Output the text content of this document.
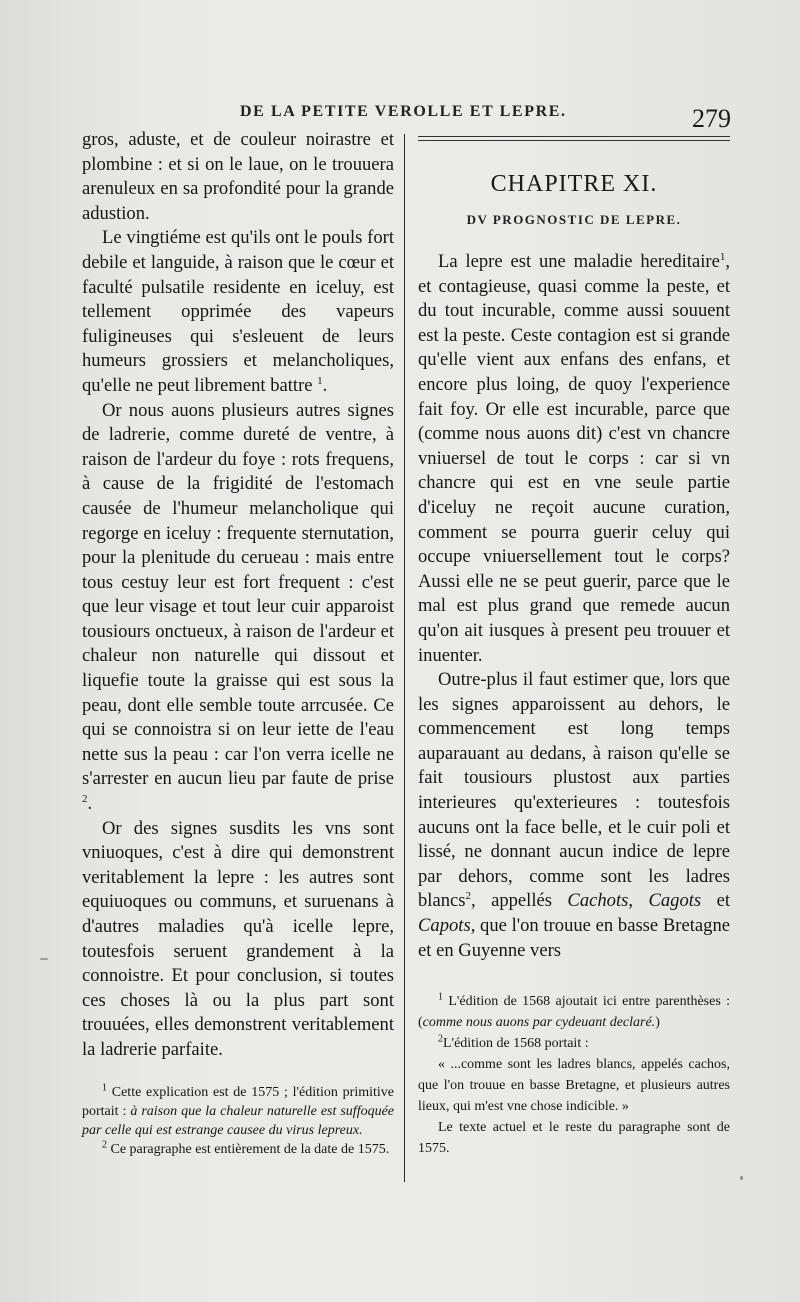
DE LA PETITE VEROLLE ET LEPRE.	279

gros, aduste, et de couleur noirastre et plombine : et si on le laue, on le trouuera arenuleux en sa profondité pour la grande adustion.

Le vingtiéme est qu'ils ont le pouls fort debile et languide, à raison que le cœur et faculté pulsatile residente en iceluy, est tellement opprimée des vapeurs fuligineuses qui s'esleuent de leurs humeurs grossiers et melancholiques, qu'elle ne peut librement battre $^1$.

Or nous auons plusieurs autres signes de ladrerie, comme dureté de ventre, à raison de l'ardeur du foye : rots frequens, à cause de la frigidité de l'estomach causée de l'humeur melancholique qui regorge en iceluy : frequente sternutation, pour la plenitude du cerueau : mais entre tous cestuy leur est fort frequent : c'est que leur visage et tout leur cuir apparoist tousiours onctueux, à raison de l'ardeur et chaleur non naturelle qui dissout et liquefie toute la graisse qui est sous la peau, dont elle semble toute arrcusée. Ce qui se connoistra si on leur iette de l'eau nette sus la peau : car l'on verra icelle ne s'arrester en aucun lieu par faute de prise $^2$.

Or des signes susdits les vns sont vniuoques, c'est à dire qui demonstrent veritablement la lepre : les autres sont equiuoques ou communs, et suruenans à d'autres maladies qu'à icelle lepre, toutesfois seruent grandement à la connoistre. Et pour conclusion, si toutes ces choses là ou la plus part sont trouuées, elles demonstrent veritablement la ladrerie parfaite.

$^1$ Cette explication est de 1575 ; l'édition primitive portait : à raison que la chaleur naturelle est suffoquée par celle qui est estrange causee du virus lepreux.

$^2$ Ce paragraphe est entièrement de la date de 1575.

CHAPITRE XI.
DV PROGNOSTIC DE LEPRE.

La lepre est une maladie hereditaire$^1$, et contagieuse, quasi comme la peste, et du tout incurable, comme aussi souuent est la peste. Ceste contagion est si grande qu'elle vient aux enfans des enfans, et encore plus loing, de quoy l'experience fait foy. Or elle est incurable, parce que (comme nous auons dit) c'est vn chancre vniuersel de tout le corps : car si vn chancre qui est en vne seule partie d'iceluy ne reçoit aucune curation, comment se pourra guerir celuy qui occupe vniuersellement tout le corps? Aussi elle ne se peut guerir, parce que le mal est plus grand que remede aucun qu'on ait iusques à present peu trouuer et inuenter.

Outre-plus il faut estimer que, lors que les signes apparoissent au dehors, le commencement est long temps auparauant au dedans, à raison qu'elle se fait tousiours plustost aux parties interieures qu'exterieures : toutesfois aucuns ont la face belle, et le cuir poli et lissé, ne donnant aucun indice de lepre par dehors, comme sont les ladres blancs$^2$, appellés Cachots, Cagots et Capots, que l'on trouue en basse Bretagne et en Guyenne vers

$^1$ L'édition de 1568 ajoutait ici entre parenthèses : (comme nous auons par cydeuant declaré.)

$^2$L'édition de 1568 portait :

« ...comme sont les ladres blancs, appelés cachos, que l'on trouue en basse Bretagne, et plusieurs autres lieux, qui m'est vne chose indicible. »

Le texte actuel et le reste du paragraphe sont de 1575.
